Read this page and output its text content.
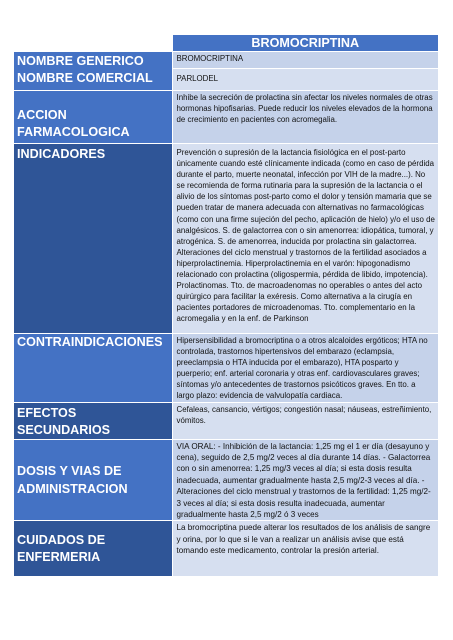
	BROMOCRIPTINA

NOMBRE GENERICO
NOMBRE COMERCIAL	BROMOCRIPTINA
	PARLODEL
ACCION FARMACOLOGICA	Inhibe la secreción de prolactina sin afectar los niveles normales de otras hormonas hipofisarias. Puede reducir los niveles elevados de la hormona de crecimiento en pacientes con acromegalia.
INDICADORES	Prevención o supresión de la lactancia fisiológica en el post-parto únicamente cuando esté clínicamente indicada (como en caso de pérdida durante el parto, muerte neonatal, infección por VIH de la madre...). No se recomienda de forma rutinaria para la supresión de la lactancia o el alivio de los síntomas post-parto como el dolor y tensión mamaria que se pueden tratar de manera adecuada con alternativas no farmacológicas (como con una firme sujeción del pecho, aplicación de hielo) y/o el uso de analgésicos. S. de galactorrea con o sin amenorrea: idiopática, tumoral, y atrogénica. S. de amenorrea, inducida por prolactina sin galactorrea. Alteraciones del ciclo menstrual y trastornos de la fertilidad asociados a hiperprolactinemia. Hiperprolactinemia en el varón: hipogonadismo relacionado con prolactina (oligospermia, pérdida de libido, impotencia). Prolactinomas. Tto. de macroadenomas no operables o antes del acto quirúrgico para facilitar la exéresis. Como alternativa a la cirugía en pacientes portadores de microadenomas. Tto. complementario en la acromegalia y en la enf. de Parkinson
CONTRAINDICACIONES	Hipersensibilidad a bromocriptina o a otros alcaloides ergóticos; HTA no controlada, trastornos hipertensivos del embarazo (eclampsia, preeclampsia o HTA inducida por el embarazo), HTA posparto y puerperio; enf. arterial coronaria y otras enf. cardiovasculares graves; síntomas y/o antecedentes de trastornos psicóticos graves. En tto. a largo plazo: evidencia de valvulopatía cardiaca.
EFECTOS SECUNDARIOS	Cefaleas, cansancio, vértigos; congestión nasal; náuseas, estreñimiento, vómitos.

DOSIS Y VIAS DE
ADMINISTRACION	VIA ORAL: - Inhibición de la lactancia: 1,25 mg el 1 er día (desayuno y cena), seguido de 2,5 mg/2 veces al día durante 14 días. - Galactorrea con o sin amenorrea: 1,25 mg/3 veces al día; si esta dosis resulta inadecuada, aumentar gradualmente hasta 2,5 mg/2-3 veces al día. - Alteraciones del ciclo menstrual y trastornos de la fertilidad: 1,25 mg/2-3 veces al día; si esta dosis resulta inadecuada, aumentar gradualmente hasta 2,5 mg/2 ó 3 veces

CUIDADOS DE
ENFERMERIA	La bromocriptina puede alterar los resultados de los análisis de sangre y orina, por lo que si le van a realizar un análisis avise que está tomando este medicamento, controlar la presión arterial.
